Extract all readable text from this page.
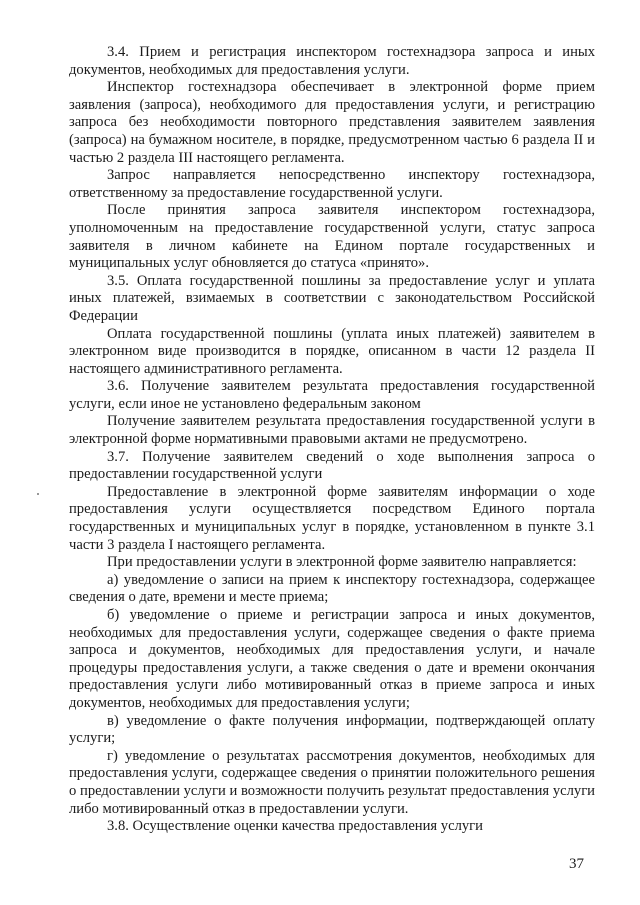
3.4. Прием и регистрация инспектором гостехнадзора запроса и иных документов, необходимых для предоставления услуги.

Инспектор гостехнадзора обеспечивает в электронной форме прием заявления (запроса), необходимого для предоставления услуги, и регистрацию запроса без необходимости повторного представления заявителем заявления (запроса) на бумажном носителе, в порядке, предусмотренном частью 6 раздела II и частью 2 раздела III настоящего регламента.

Запрос направляется непосредственно инспектору гостехнадзора, ответственному за предоставление государственной услуги.

После принятия запроса заявителя инспектором гостехнадзора, уполномоченным на предоставление государственной услуги, статус запроса заявителя в личном кабинете на Едином портале государственных и муниципальных услуг обновляется до статуса «принято».

3.5. Оплата государственной пошлины за предоставление услуг и уплата иных платежей, взимаемых в соответствии с законодательством Российской Федерации

Оплата государственной пошлины (уплата иных платежей) заявителем в электронном виде производится в порядке, описанном в части 12 раздела II настоящего административного регламента.

3.6. Получение заявителем результата предоставления государственной услуги, если иное не установлено федеральным законом

Получение заявителем результата предоставления государственной услуги в электронной форме нормативными правовыми актами не предусмотрено.

3.7. Получение заявителем сведений о ходе выполнения запроса о предоставлении государственной услуги

Предоставление в электронной форме заявителям информации о ходе предоставления услуги осуществляется посредством Единого портала государственных и муниципальных услуг в порядке, установленном в пункте 3.1 части 3 раздела I настоящего регламента.

При предоставлении услуги в электронной форме заявителю направляется:

а) уведомление о записи на прием к инспектору гостехнадзора, содержащее сведения о дате, времени и месте приема;

б) уведомление о приеме и регистрации запроса и иных документов, необходимых для предоставления услуги, содержащее сведения о факте приема запроса и документов, необходимых для предоставления услуги, и начале процедуры предоставления услуги, а также сведения о дате и времени окончания предоставления услуги либо мотивированный отказ в приеме запроса и иных документов, необходимых для предоставления услуги;

в) уведомление о факте получения информации, подтверждающей оплату услуги;

г) уведомление о результатах рассмотрения документов, необходимых для предоставления услуги, содержащее сведения о принятии положительного решения о предоставлении услуги и возможности получить результат предоставления услуги либо мотивированный отказ в предоставлении услуги.

3.8. Осуществление оценки качества предоставления услуги

37
